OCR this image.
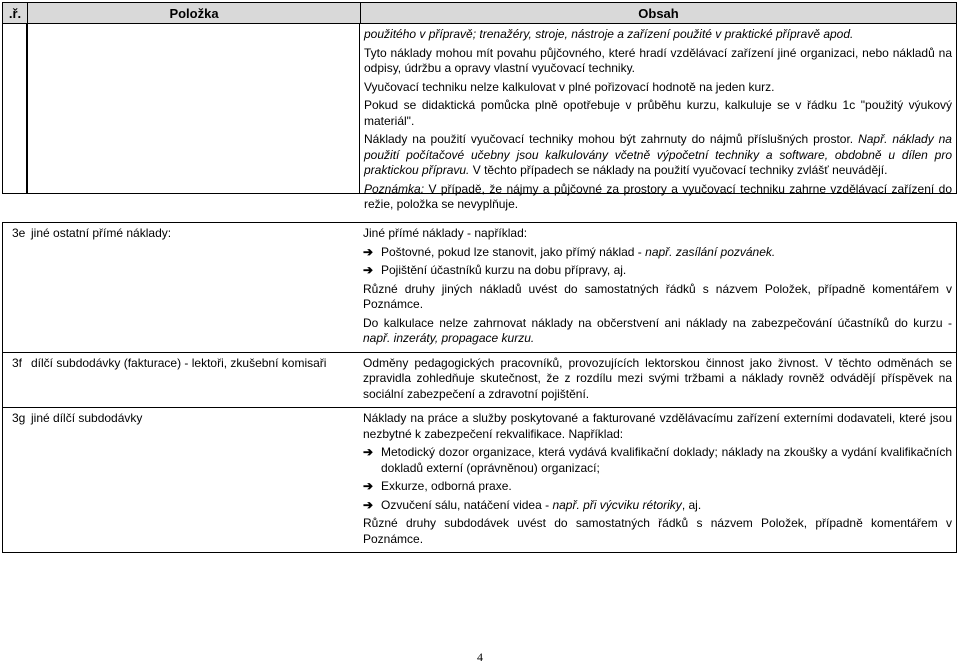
.ř.	Položka	Obsah
použitého v přípravě; trenažéry, stroje, nástroje a zařízení použité v praktické přípravě apod.
Tyto náklady mohou mít povahu půjčovného, které hradí vzdělávací zařízení jiné organizaci, nebo nákladů na odpisy, údržbu a opravy vlastní vyučovací techniky.
Vyučovací techniku nelze kalkulovat v plné pořizovací hodnotě na jeden kurz.
Pokud se didaktická pomůcka plně opotřebuje v průběhu kurzu, kalkuluje se v řádku 1c "použitý výukový materiál".
Náklady na použití vyučovací techniky mohou být zahrnuty do nájmů příslušných prostor. Např. náklady na použití počítačové učebny jsou kalkulovány včetně výpočetní techniky a software, obdobně u dílen pro praktickou přípravu. V těchto případech se náklady na použití vyučovací techniky zvlášť neuvádějí.
Poznámka: V případě, že nájmy a půjčovné za prostory a vyučovací techniku zahrne vzdělávací zařízení do režie, položka se nevyplňuje.
3e jiné ostatní přímé náklady:	Jiné přímé náklady - například:
➔ Poštovné, pokud lze stanovit, jako přímý náklad - např. zasílání pozvánek.
➔ Pojištění účastníků kurzu na dobu přípravy, aj.
Různé druhy jiných nákladů uvést do samostatných řádků s názvem Položek, případně komentářem v Poznámce.
Do kalkulace nelze zahrnovat náklady na občerstvení ani náklady na zabezpečování účastníků do kurzu - např. inzeráty, propagace kurzu.
3f dílčí subdodávky (fakturace) - lektoři, zkušební komisaři	Odměny pedagogických pracovníků, provozujících lektorskou činnost jako živnost. V těchto odměnách se zpravidla zohledňuje skutečnost, že z rozdílu mezi svými tržbami a náklady rovněž odvádějí příspěvek na sociální zabezpečení a zdravotní pojištění.
3g jiné dílčí subdodávky	Náklady na práce a služby poskytované a fakturované vzdělávacímu zařízení externími dodavateli, které jsou nezbytné k zabezpečení rekvalifikace. Například:
➔ Metodický dozor organizace, která vydává kvalifikační doklady; náklady na zkoušky a vydání kvalifikačních dokladů externí (oprávněnou) organizací;
➔ Exkurze, odborná praxe.
➔ Ozvučení sálu, natáčení videa - např. při výcviku rétoriky, aj.
Různé druhy subdodávek uvést do samostatných řádků s názvem Položek, případně komentářem v Poznámce.
4
